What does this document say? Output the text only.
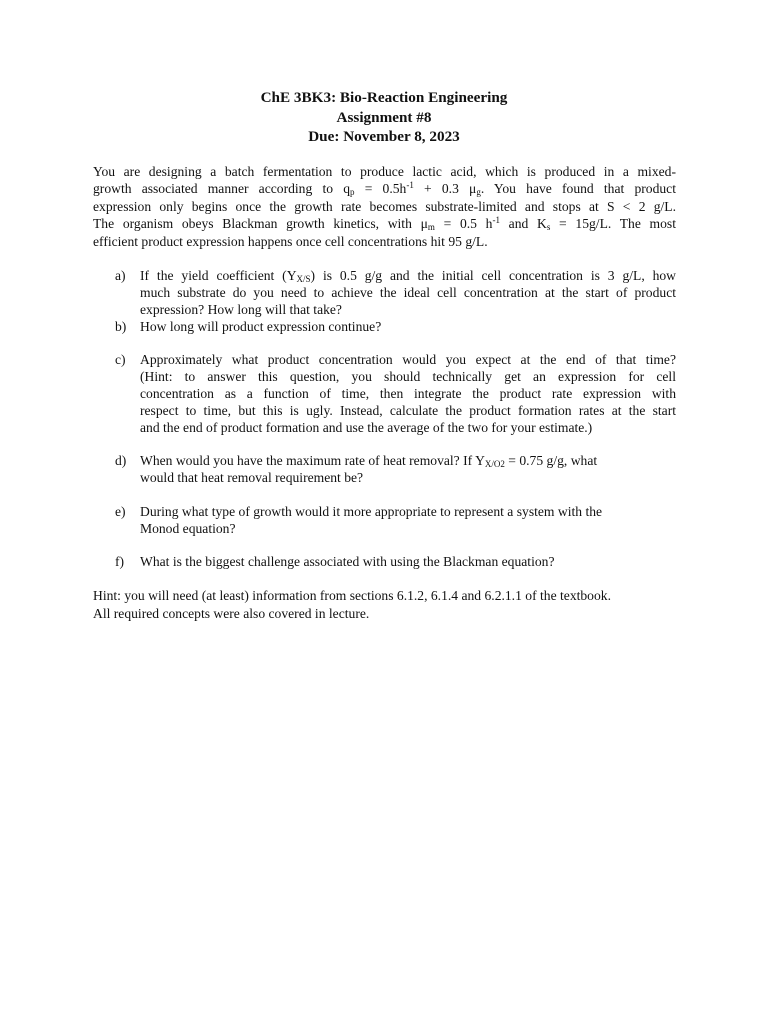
ChE 3BK3: Bio-Reaction Engineering
Assignment #8
Due: November 8, 2023
You are designing a batch fermentation to produce lactic acid, which is produced in a mixed-
growth associated manner according to $q_p = 0.5h^{-1} + 0.3$ $\mu_g$. You have found that product
expression only begins once the growth rate becomes substrate-limited and stops at S < 2 g/L.
The organism obeys Blackman growth kinetics, with $\mu_m = 0.5$ $h^{-1}$ and $K_s = 15g/L$. The most
efficient product expression happens once cell concentrations hit 95 g/L.
a) If the yield coefficient $(Y_{X/S})$ is 0.5 g/g and the initial cell concentration is 3 g/L, how
much substrate do you need to achieve the ideal cell concentration at the start of product
expression? How long will that take?
b) How long will product expression continue?
c) Approximately what product concentration would you expect at the end of that time?
(Hint: to answer this question, you should technically get an expression for cell
concentration as a function of time, then integrate the product rate expression with
respect to time, but this is ugly. Instead, calculate the product formation rates at the start
and the end of product formation and use the average of the two for your estimate.)
d) When would you have the maximum rate of heat removal? If $Y_{X/O2} = 0.75$ g/g, what
would that heat removal requirement be?
e) During what type of growth would it more appropriate to represent a system with the
Monod equation?
f) What is the biggest challenge associated with using the Blackman equation?
Hint: you will need (at least) information from sections 6.1.2, 6.1.4 and 6.2.1.1 of the textbook.
All required concepts were also covered in lecture.
